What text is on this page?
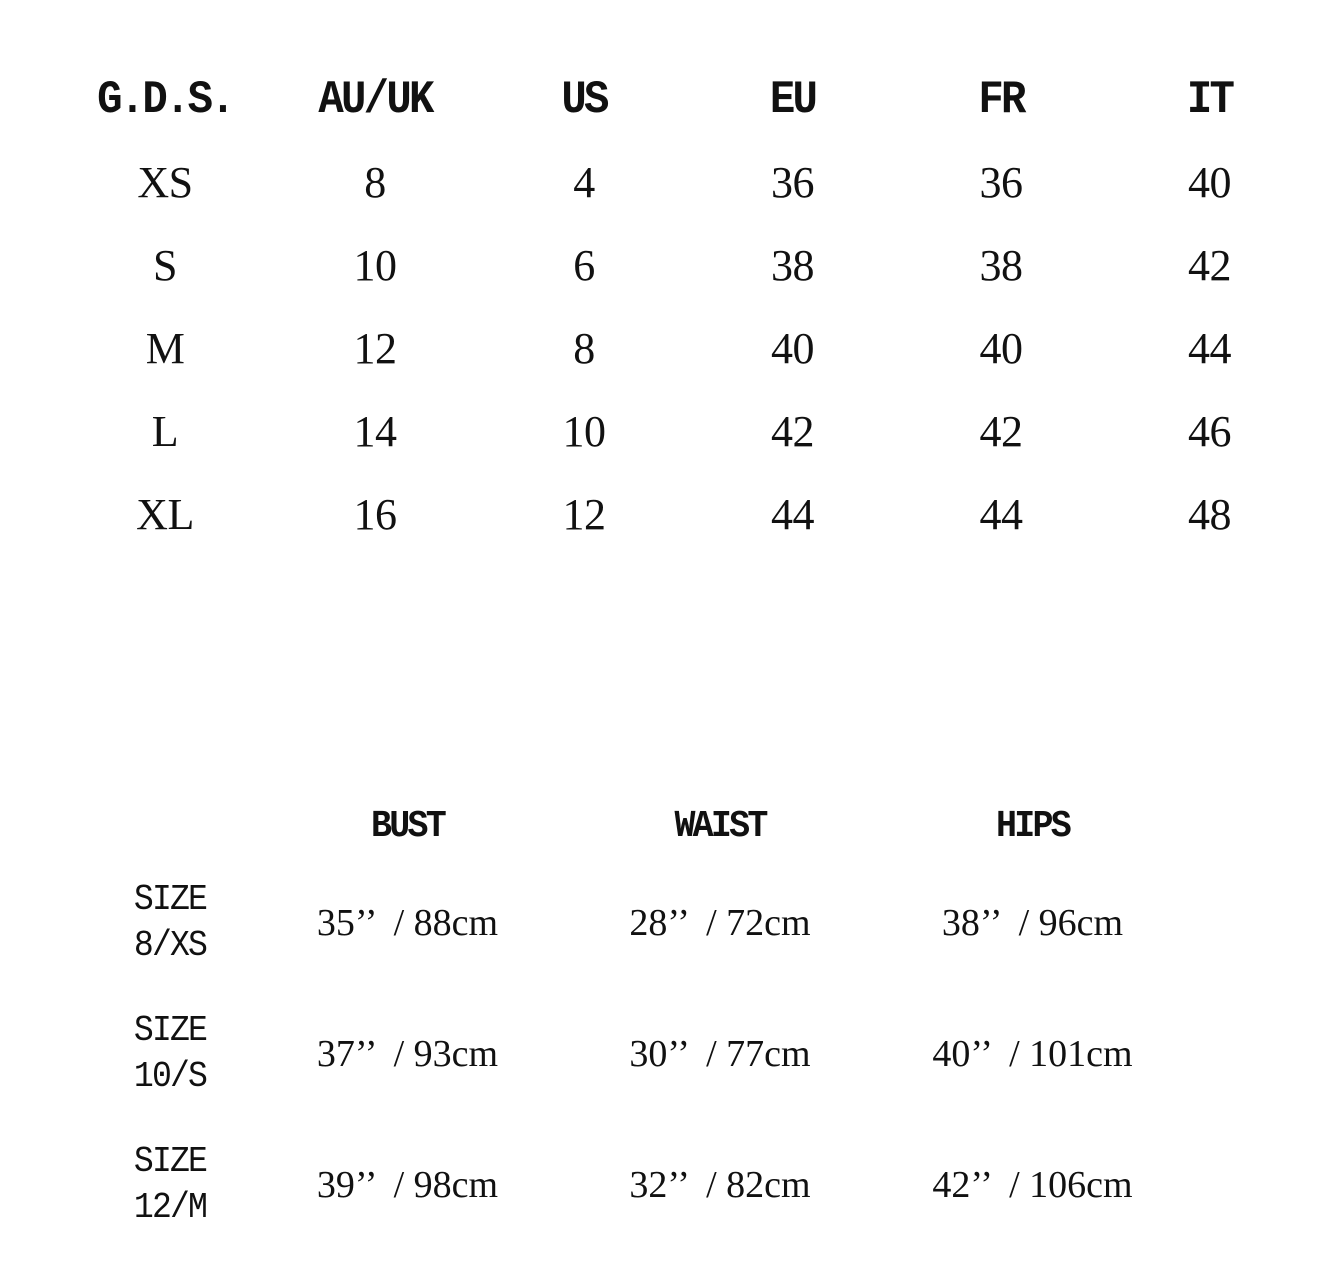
G.D.S.	AU/UK	US	EU	FR	IT
XS	8	4	36	36	40
S	10	6	38	38	42
M	12	8	40	40	44
L	14	10	42	42	46
XL	16	12	44	44	48
BUST	WAIST	HIPS
SIZE
8/XS
35’’  / 88cm	28’’  / 72cm	38’’  / 96cm
SIZE
10/S
37’’  / 93cm	30’’  / 77cm	40’’  / 101cm
SIZE
12/M
39’’  / 98cm	32’’  / 82cm	42’’  / 106cm
